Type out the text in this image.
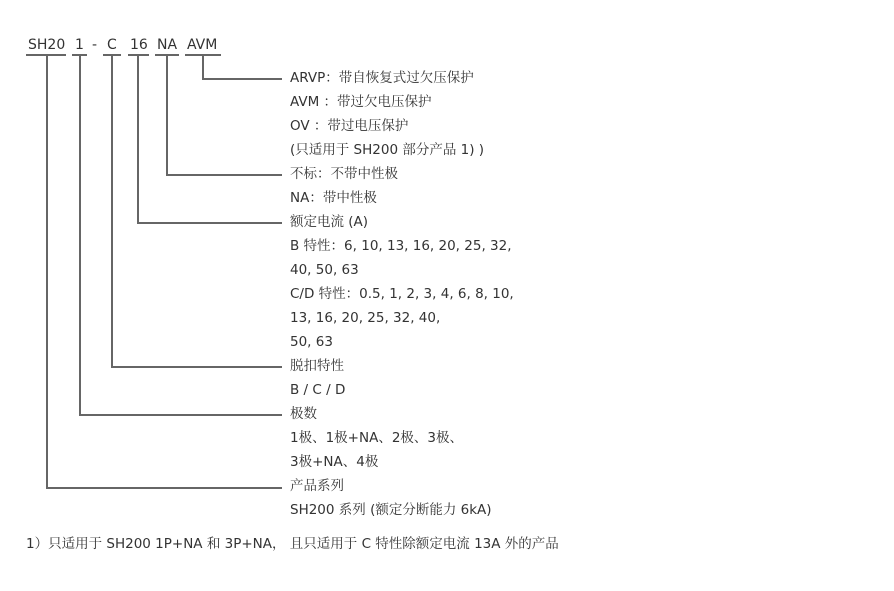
SH20 1 - C 16 NA AVM
ARVP：带自恢复式过欠压保护
AVM ：带过欠电压保护
OV ：带过电压保护
(只适用于 SH200 部分产品 1) )
不标：不带中性极
NA：带中性极
额定电流 (A)
B 特性：6, 10, 13, 16, 20, 25, 32,
40, 50, 63
C/D 特性：0.5, 1, 2, 3, 4, 6, 8, 10,
13, 16, 20, 25, 32, 40,
50, 63
脱扣特性
B / C / D
极数
1极、1极+NA、2极、3极、
3极+NA、4极
产品系列
SH200 系列 (额定分断能力 6kA)
1）只适用于 SH200 1P+NA 和 3P+NA， 且只适用于 C 特性除额定电流 13A 外的产品
